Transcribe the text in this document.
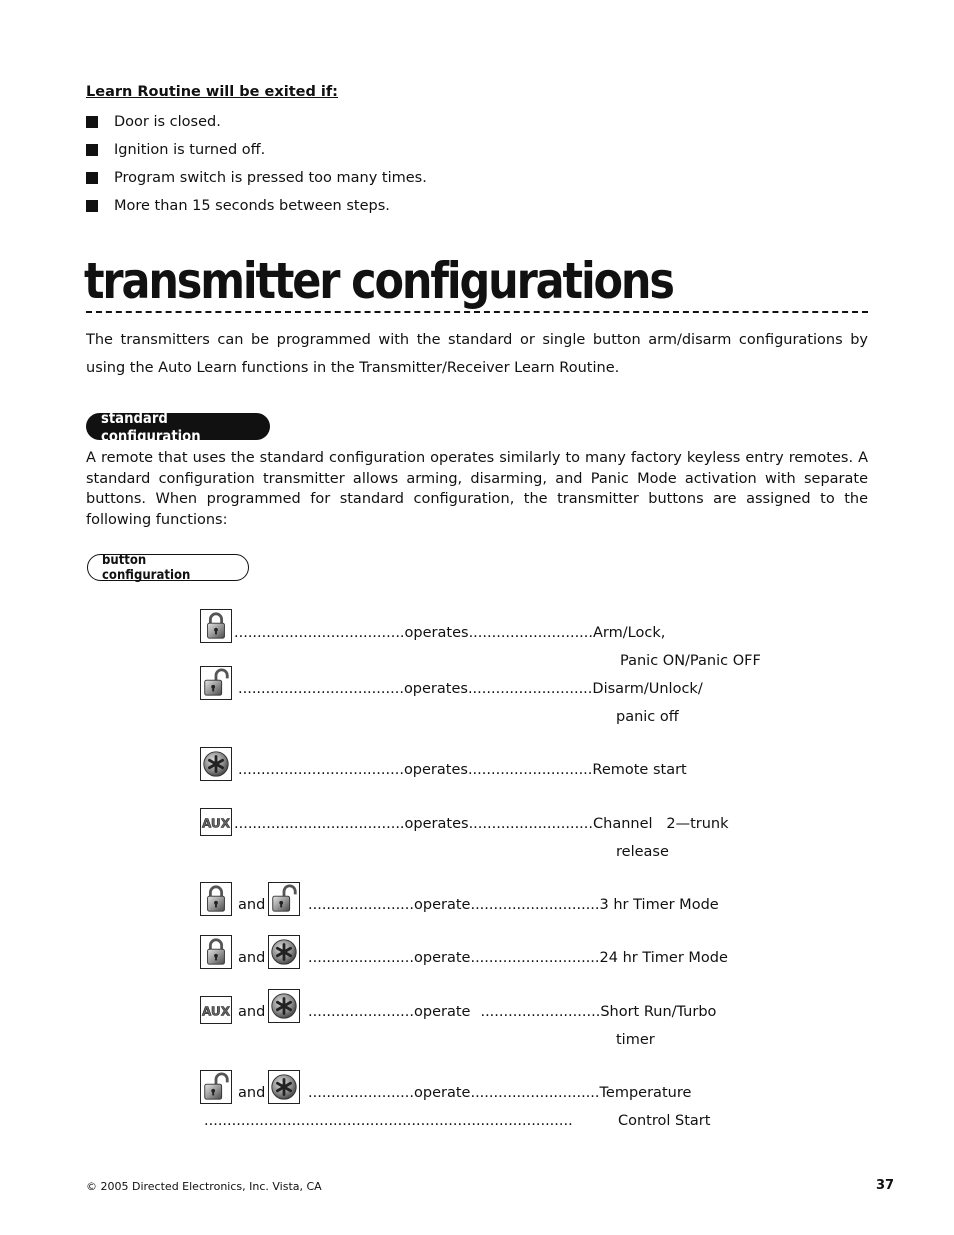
Learn Routine will be exited if:
Door is closed.
Ignition is turned off.
Program switch is pressed too many times.
More than 15 seconds between steps.
transmitter configurations
The transmitters can be programmed with the standard or single button arm/disarm configurations by using the Auto Learn functions in the Transmitter/Receiver Learn Routine.
standard configuration
A remote that uses the standard configuration operates similarly to many factory keyless entry remotes. A standard configuration transmitter allows arming, disarming, and Panic Mode activation with separate buttons. When programmed for standard configuration, the transmitter buttons are assigned to the following functions:
button configuration
.....................................operates...........................Arm/Lock,
Panic ON/Panic OFF
....................................operates...........................Disarm/Unlock/
panic off
....................................operates...........................Remote start
AUX .....................................operates...........................Channel   2—trunk
release
and	.......................operate............................3 hr Timer Mode
and	.......................operate............................24 hr Timer Mode
AUX and	.......................operate ..........................Short Run/Turbo
timer
and	.......................operate............................Temperature
................................................................................	Control Start
© 2005 Directed Electronics, Inc. Vista, CA	37
